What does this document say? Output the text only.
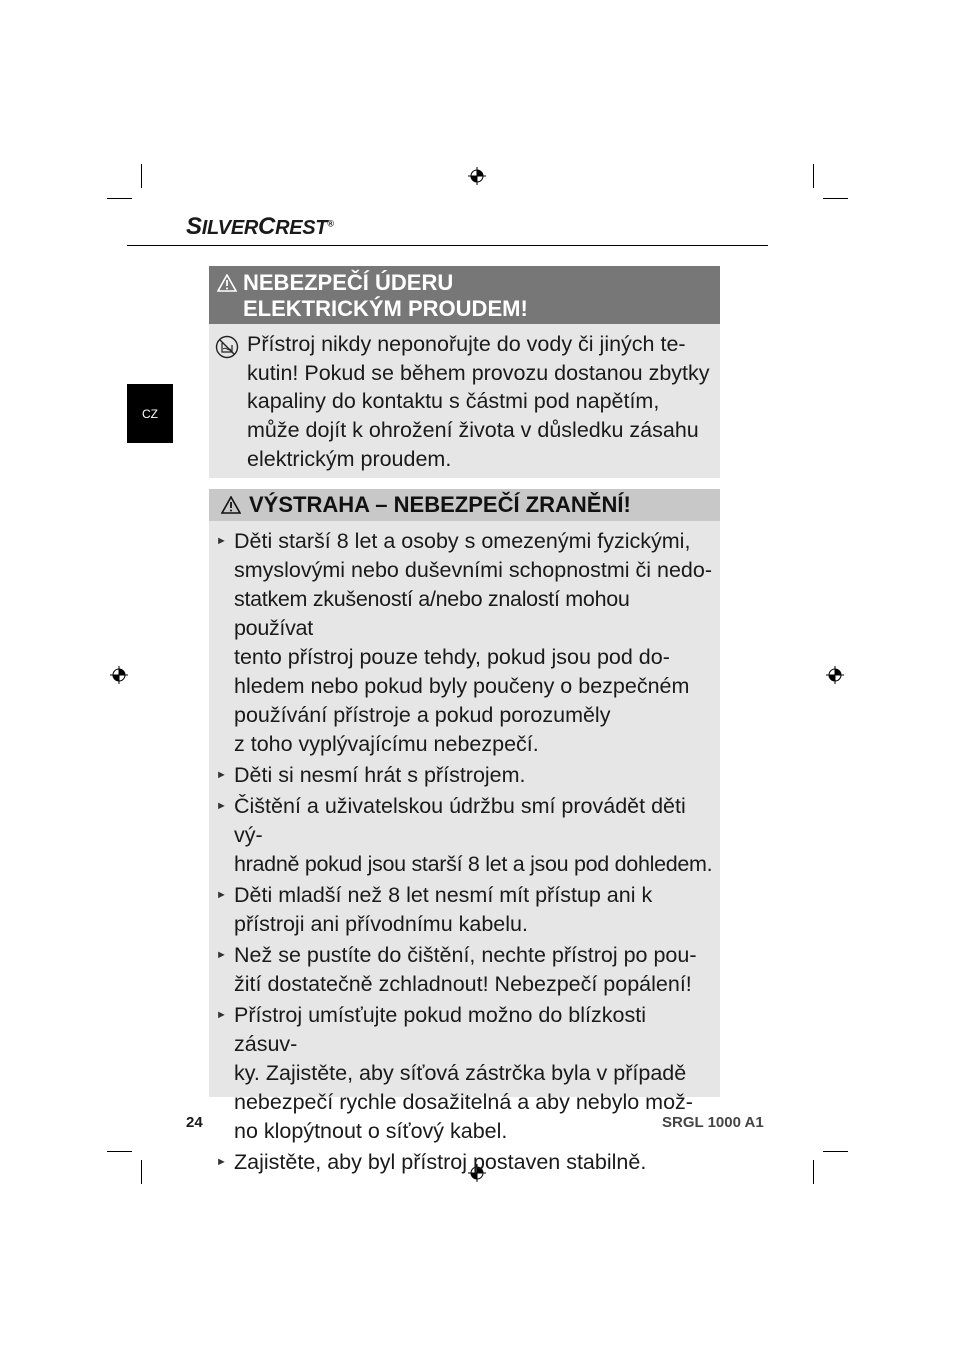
SILVERCREST®
CZ
NEBEZPEČÍ ÚDERU
ELEKTRICKÝM PROUDEM!
Přístroj nikdy neponořujte do vody či jiných te-
kutin! Pokud se během provozu dostanou zbytky
kapaliny do kontaktu s částmi pod napětím,
může dojít k ohrožení života v důsledku zásahu
elektrickým proudem.
VÝSTRAHA – NEBEZPEČÍ ZRANĚNÍ!
► Děti starší 8 let a osoby s omezenými fyzickými,
smyslovými nebo duševními schopnostmi či nedo-
statkem zkušeností a/nebo znalostí mohou používat
tento přístroj pouze tehdy, pokud jsou pod do-
hledem nebo pokud byly poučeny o bezpečném
používání přístroje a pokud porozuměly
z toho vyplývajícímu nebezpečí.
► Děti si nesmí hrát s přístrojem.
► Čištění a uživatelskou údržbu smí provádět děti vý-
hradně pokud jsou starší 8 let a jsou pod dohledem.
► Děti mladší než 8 let nesmí mít přístup ani k
přístroji ani přívodnímu kabelu.
► Než se pustíte do čištění, nechte přístroj po pou-
žití dostatečně zchladnout! Nebezpečí popálení!
► Přístroj umísťujte pokud možno do blízkosti zásuv-
ky. Zajistěte, aby síťová zástrčka byla v případě
nebezpečí rychle dosažitelná a aby nebylo mož-
no klopýtnout o síťový kabel.
► Zajistěte, aby byl přístroj postaven stabilně.
24	SRGL 1000 A1
